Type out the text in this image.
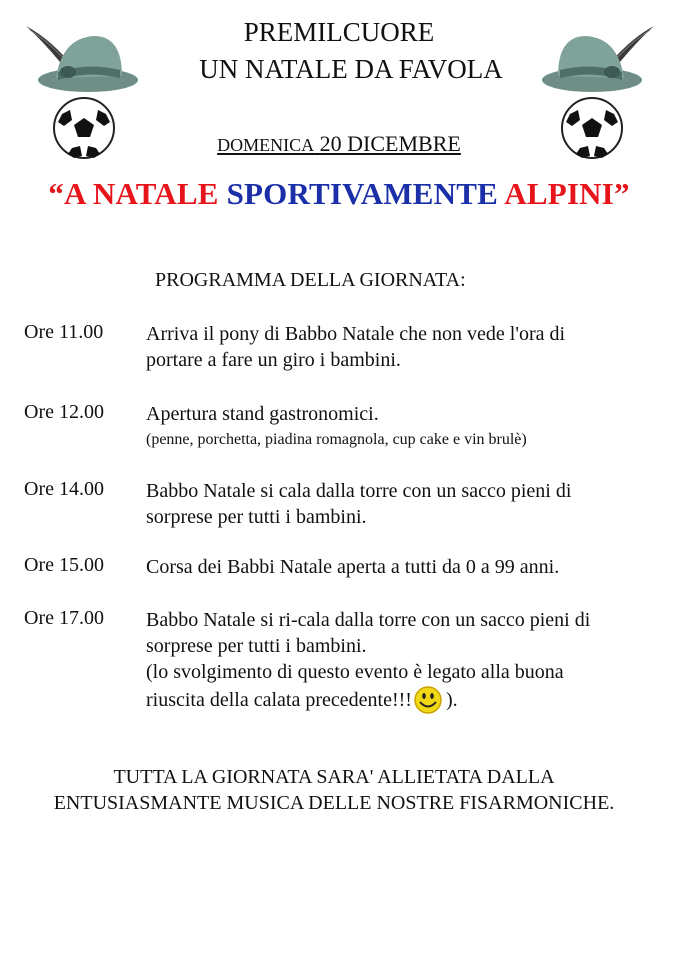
PREMILCUORE
UN NATALE DA FAVOLA
DOMENICA 20 DICEMBRE
“A NATALE SPORTIVAMENTE ALPINI”
PROGRAMMA DELLA GIORNATA:
Ore 11.00 Arriva il pony di Babbo Natale che non vede l'ora di
portare a fare un giro i bambini.
Ore 12.00 Apertura stand gastronomici.
(penne, porchetta, piadina romagnola, cup cake e vin brulè)
Ore 14.00 Babbo Natale si cala dalla torre con un sacco pieni di
sorprese per tutti i bambini.
Ore 15.00 Corsa dei Babbi Natale aperta a tutti da 0 a 99 anni.
Ore 17.00 Babbo Natale si ri-cala dalla torre con un sacco pieni di
sorprese per tutti i bambini.
(lo svolgimento di questo evento è legato alla buona
riuscita della calata precedente!!! ).
TUTTA LA GIORNATA SARA' ALLIETATA DALLA
ENTUSIASMANTE MUSICA DELLE NOSTRE FISARMONICHE.
